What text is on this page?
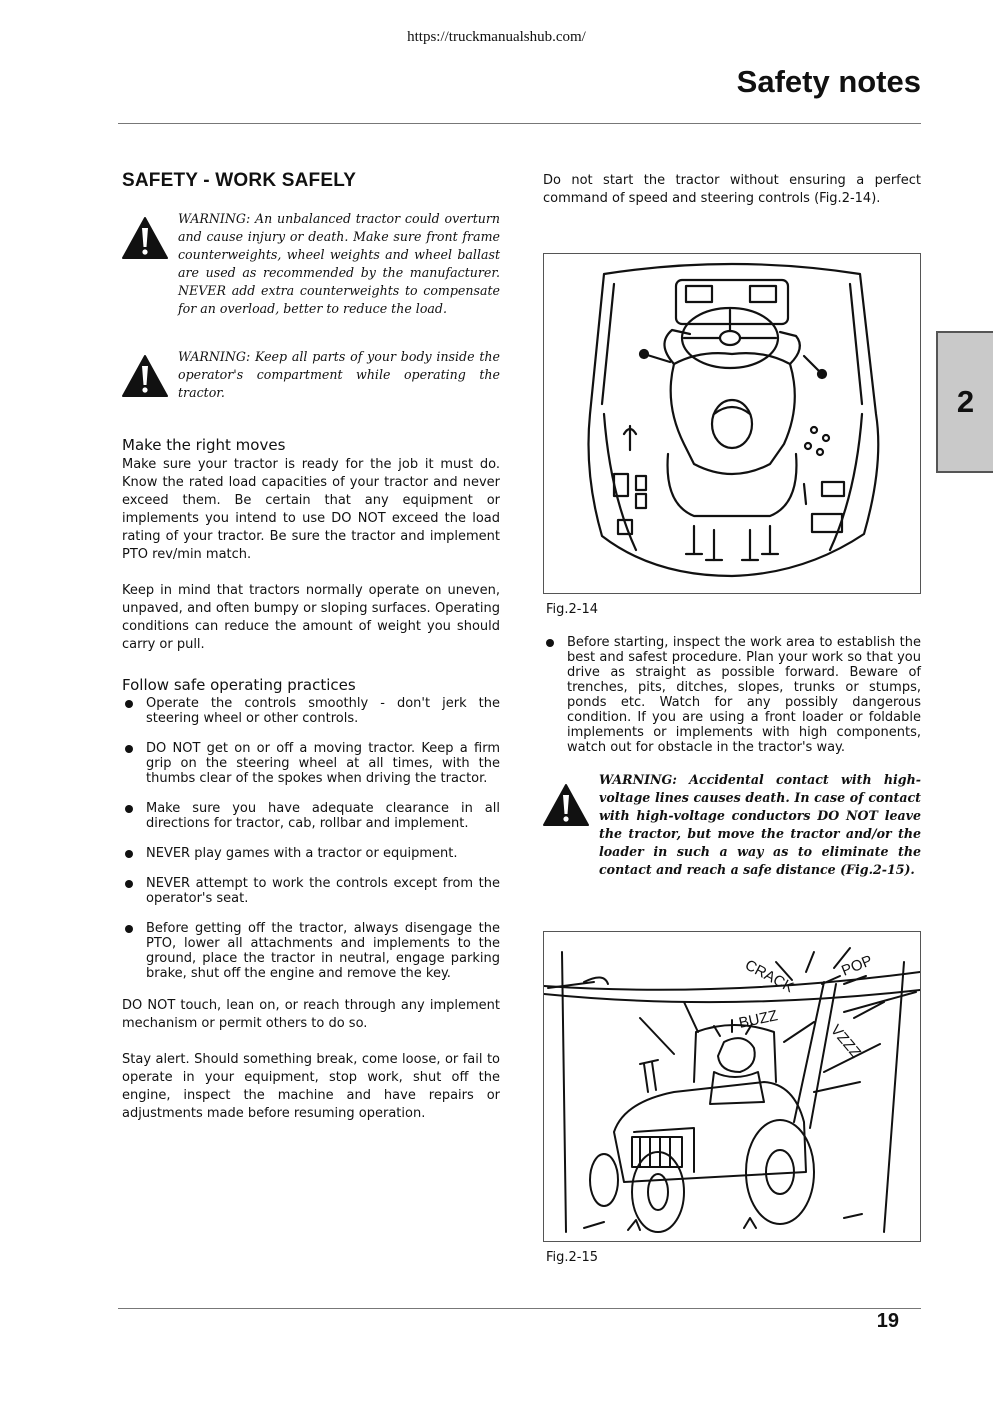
https://truckmanualshub.com/
Safety notes
2
SAFETY - WORK SAFELY
WARNING: An unbalanced tractor could overturn and cause injury or death. Make sure front frame counterweights, wheel weights and wheel ballast are used as recommended by the manufacturer. NEVER add extra counterweights to compensate for an overload, better to reduce the load.
WARNING: Keep all parts of your body inside the operator's compartment while operating the tractor.
Make the right moves

Make sure your tractor is ready for the job it must do. Know the rated load capacities of your tractor and never exceed them. Be certain that any equipment or implements you intend to use DO NOT exceed the load rating of your tractor. Be sure the tractor and implement PTO rev/min match.

Keep in mind that tractors normally operate on uneven, unpaved, and often bumpy or sloping surfaces. Operating conditions can reduce the amount of weight you should carry or pull.

Follow safe operating practices
Operate the controls smoothly - don't jerk the steering wheel or other controls.
DO NOT get on or off a moving tractor. Keep a firm grip on the steering wheel at all times, with the thumbs clear of the spokes when driving the tractor.
Make sure you have adequate clearance in all directions for tractor, cab, rollbar and implement.
NEVER play games with a tractor or equipment.
NEVER attempt to work the controls except from the operator's seat.
Before getting off the tractor, always disengage the PTO, lower all attachments and implements to the ground, place the tractor in neutral, engage parking brake, shut off the engine and remove the key.

DO NOT touch, lean on, or reach through any implement mechanism or permit others to do so.

Stay alert. Should something break, come loose, or fail to operate in your equipment, stop work, shut off the engine, inspect the machine and have repairs or adjustments made before resuming operation.

Do not start the tractor without ensuring a perfect command of speed and steering controls (Fig.2-14).

Fig.2-14
Before starting, inspect the work area to establish the best and safest procedure. Plan your work so that you drive as straight as possible forward. Beware of trenches, pits, ditches, slopes, trunks or stumps, ponds etc. Watch for any possibly dangerous condition. If you are using a front loader or foldable implements or implements with high components, watch out for obstacle in the tractor's way.
WARNING: Accidental contact with high-voltage lines causes death. In case of contact with high-voltage conductors DO NOT leave the tractor, but move the tractor and/or the loader in such a way as to eliminate the contact and reach a safe distance (Fig.2-15).
CRACK	POP
BUZZ
VZZZ
Fig.2-15
19
